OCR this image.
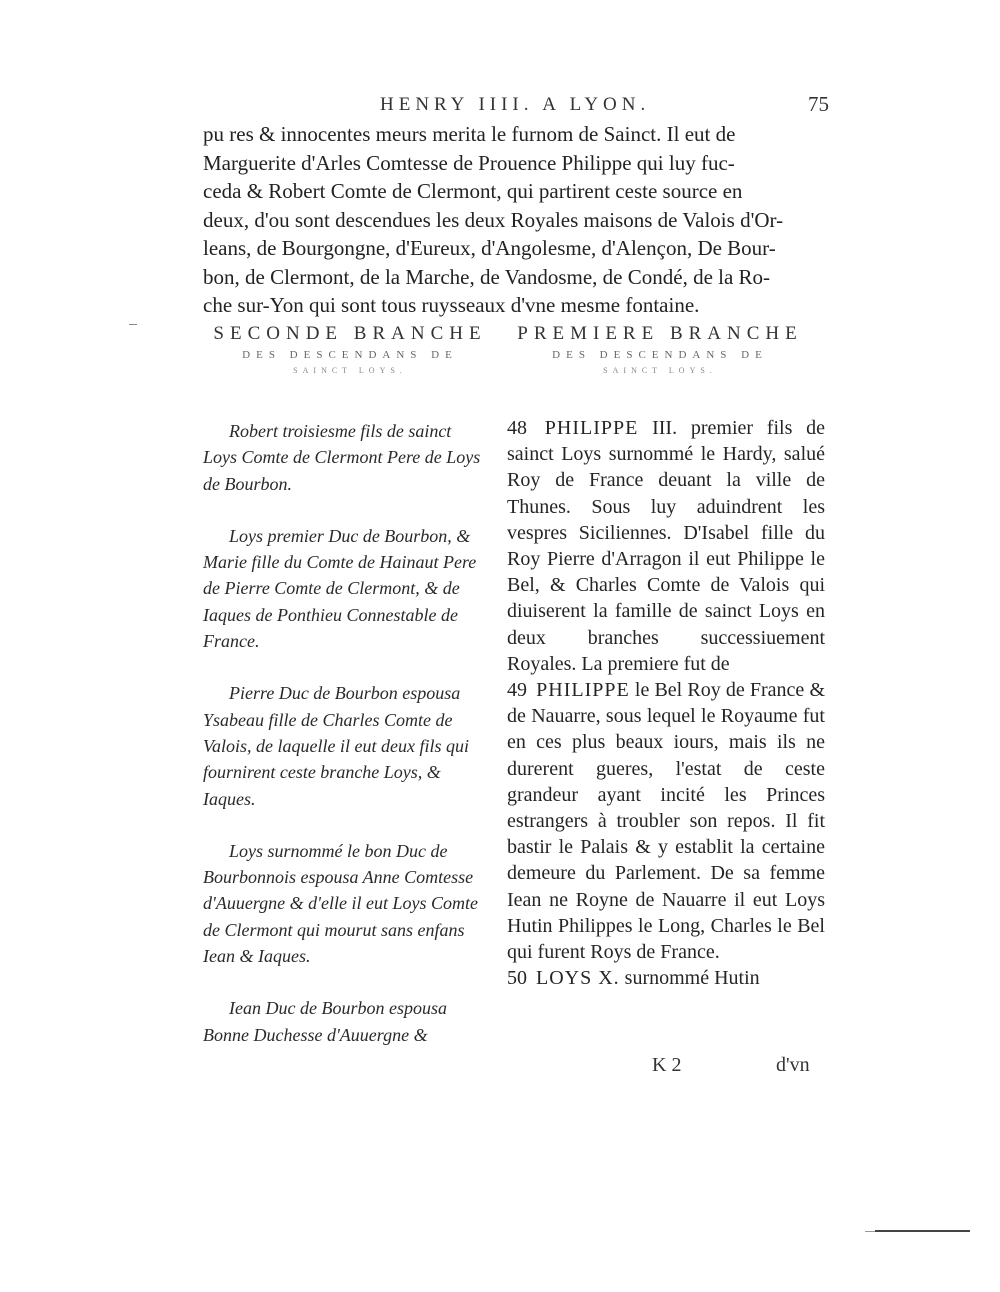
HENRY IIII. A LYON.	75
pu res & innocentes meurs merita le furnom de Sainct. Il eut de
Marguerite d'Arles Comtesse de Prouence Philippe qui luy fuc-
ceda & Robert Comte de Clermont, qui partirent ceste source en
deux, d'ou sont descendues les deux Royales maisons de Valois d'Or-
leans, de Bourgongne, d'Eureux, d'Angolesme, d'Alençon, De Bour-
bon, de Clermont, de la Marche, de Vandosme, de Condé, de la Ro-
che sur-Yon qui sont tous ruysseaux d'vne mesme fontaine.
SECONDE BRANCHE
DES DESCENDANS DE
SAINCT LOYS.
PREMIERE BRANCHE
DES DESCENDANS DE
SAINCT LOYS.

Robert troisiesme fils de sainct Loys Comte de Clermont Pere de Loys de Bourbon.

Loys premier Duc de Bourbon, & Marie fille du Comte de Hainaut Pere de Pierre Comte de Clermont, & de Iaques de Ponthieu Connestable de France.

Pierre Duc de Bourbon espousa Ysabeau fille de Charles Comte de Valois, de laquelle il eut deux fils qui fournirent ceste branche Loys, & Iaques.

Loys surnommé le bon Duc de Bourbonnois espousa Anne Comtesse d'Auuergne & d'elle il eut Loys Comte de Clermont qui mourut sans enfans Iean & Iaques.

Iean Duc de Bourbon espousa Bonne Duchesse d'Auuergne &

48 PHILIPPE III. premier fils de sainct Loys surnommé le Hardy, salué Roy de France deuant la ville de Thunes. Sous luy aduindrent les vespres Siciliennes. D'Isabel fille du Roy Pierre d'Arragon il eut Philippe le Bel, & Charles Comte de Valois qui diuiserent la famille de sainct Loys en deux branches successiuement Royales. La premiere fut de

49 PHILIPPE le Bel Roy de France & de Nauarre, sous lequel le Royaume fut en ces plus beaux iours, mais ils ne durerent gueres, l'estat de ceste grandeur ayant incité les Princes estrangers à troubler son repos. Il fit bastir le Palais & y establit la certaine demeure du Parlement. De sa femme Iean ne Royne de Nauarre il eut Loys Hutin Philippes le Long, Charles le Bel qui furent Roys de France.

50 LOYS X. surnommé Hutin

K 2	d'vn
